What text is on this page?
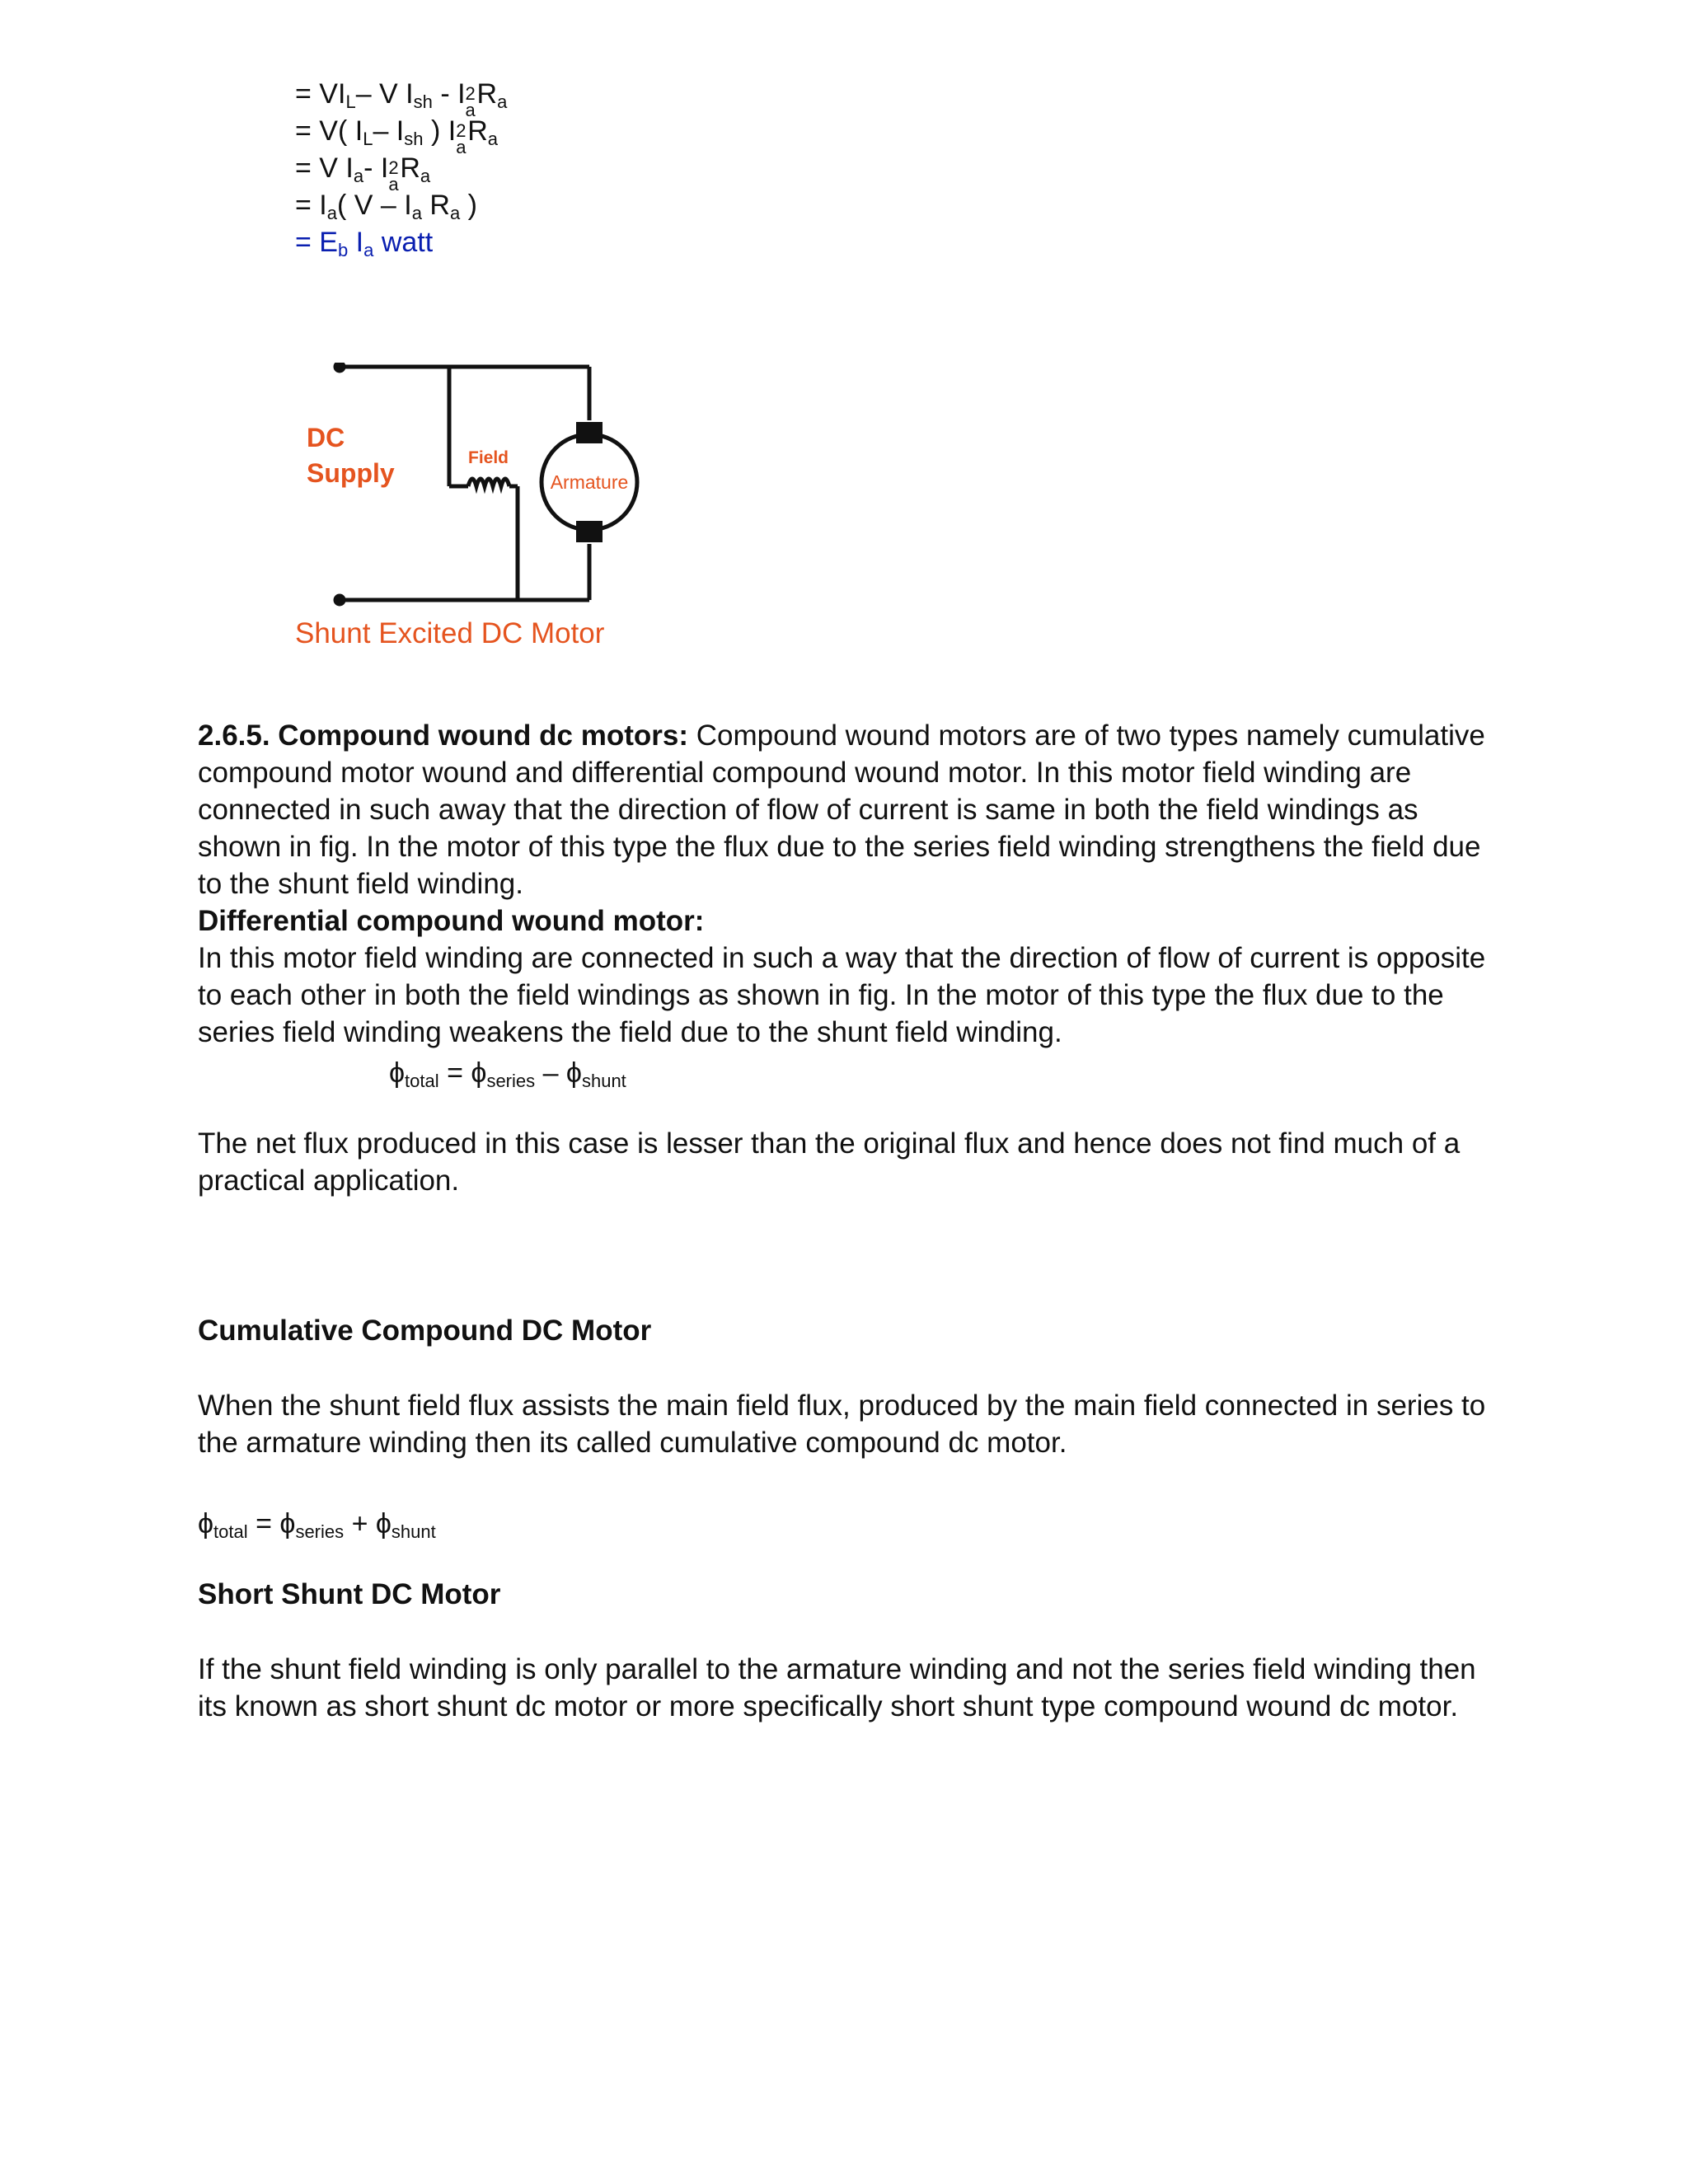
= $VI_L-$ V $I_{sh}$ - I 2
a
$R_a$
= V( $I_L-$ $I_{sh}$ ) I 2
a
$R_a$
= V $I_a-$ I 2
a
$R_a$
= $I_a$( V – $I_a$ $R_a$ )
= $E_b$ $I_a$ watt
DC
Supply
Field
Armature
Shunt Excited DC Motor
2.6.5. Compound wound dc motors: Compound wound motors are of two types namely cumulative compound motor wound and differential compound wound motor. In this motor field winding are connected in such away that the direction of flow of current is same in both the field windings as shown in fig. In the motor of this type the flux due to the series field winding strengthens the field due to the shunt field winding.
Differential compound wound motor:
In this motor field winding are connected in such a way that the direction of flow of current is opposite to each other in both the field windings as shown in fig. In the motor of this type the flux due to the series field winding weakens the field due to the shunt field winding.
$\phi_{total} = \phi_{series} - \phi_{shunt}$
The net flux produced in this case is lesser than the original flux and hence does not find much of a practical application.
Cumulative Compound DC Motor
When the shunt field flux assists the main field flux, produced by the main field connected in series to the armature winding then its called cumulative compound dc motor.
$\phi_{total} = \phi_{series} + \phi_{shunt}$
Short Shunt DC Motor
If the shunt field winding is only parallel to the armature winding and not the series field winding then its known as short shunt dc motor or more specifically short shunt type compound wound dc motor.
